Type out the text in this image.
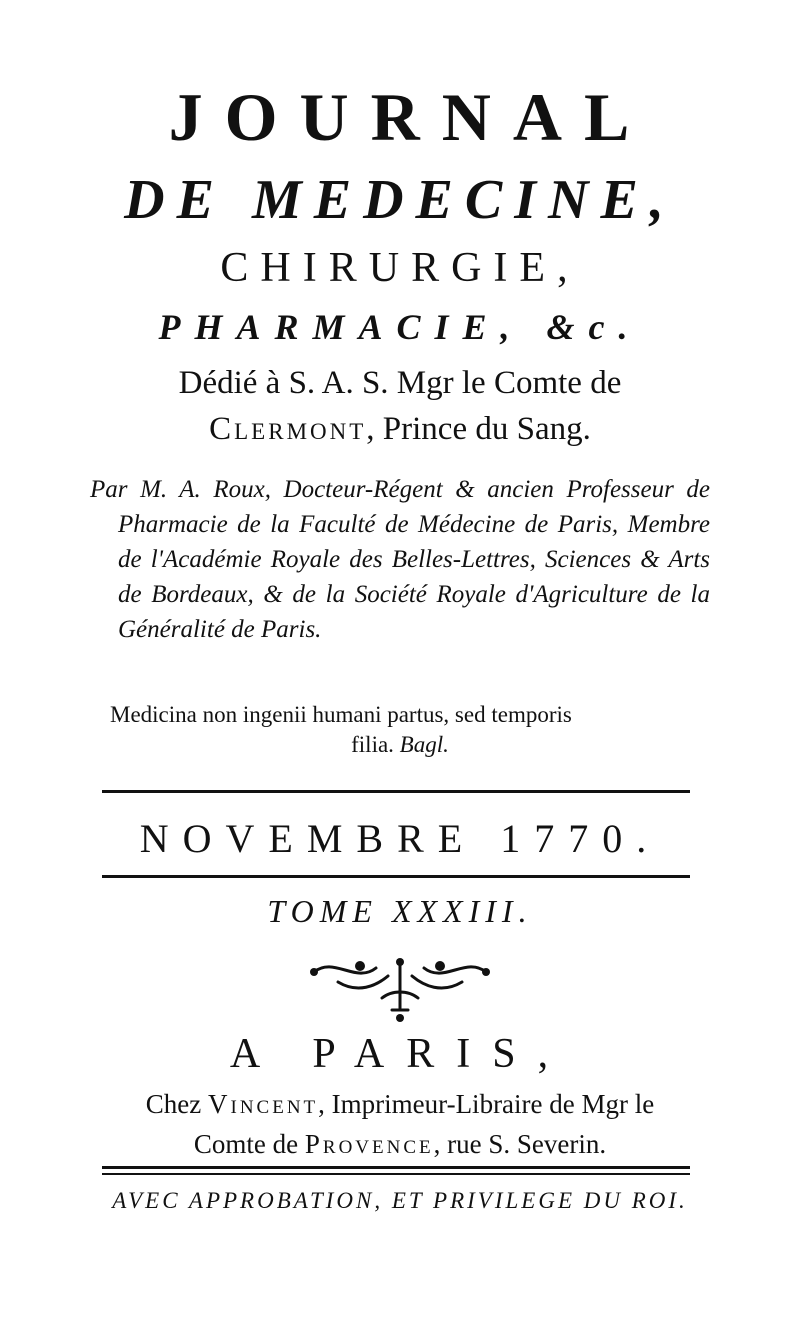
JOURNAL
DE MEDECINE,
CHIRURGIE,
PHARMACIE, &c.
Dédié à S. A. S. Mgr le Comte de
Clermont, Prince du Sang.

Par M. A. Roux, Docteur-Régent & ancien Professeur de Pharmacie de la Faculté de Médecine de Paris, Membre de l'Académie Royale des Belles-Lettres, Sciences & Arts de Bordeaux, & de la Société Royale d'Agriculture de la Généralité de Paris.

Medicina non ingenii humani partus, sed temporis
filia. Bagl.
NOVEMBRE 1770.
TOME XXXIII.
A PARIS,
Chez Vincent, Imprimeur-Libraire de Mgr le
Comte de Provence, rue S. Severin.
AVEC APPROBATION, ET PRIVILEGE DU ROI.
